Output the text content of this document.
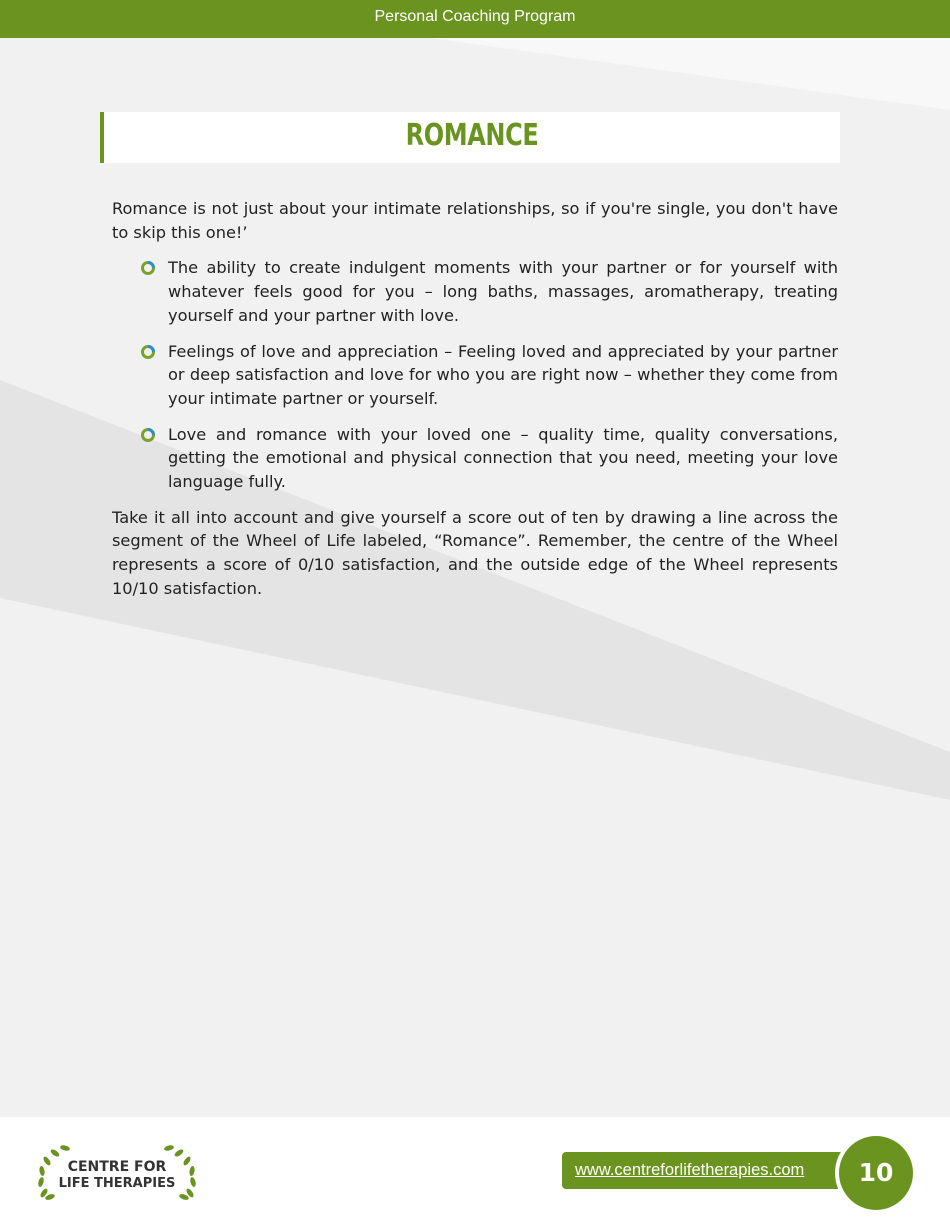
Personal Coaching Program
ROMANCE

Romance is not just about your intimate relationships, so if you're single, you don't have to skip this one!’

The ability to create indulgent moments with your partner or for yourself with whatever feels good for you – long baths, massages, aromatherapy, treating yourself and your partner with love.
Feelings of love and appreciation – Feeling loved and appreciated by your partner or deep satisfaction and love for who you are right now – whether they come from your intimate partner or yourself.
Love and romance with your loved one – quality time, quality conversations, getting the emotional and physical connection that you need, meeting your love language fully.

Take it all into account and give yourself a score out of ten by drawing a line across the segment of the Wheel of Life labeled, “Romance”. Remember, the centre of the Wheel represents a score of 0/10 satisfaction, and the outside edge of the Wheel represents 10/10 satisfaction.

CENTRE FOR
LIFE THERAPIES
www.centreforlifetherapies.com	10
